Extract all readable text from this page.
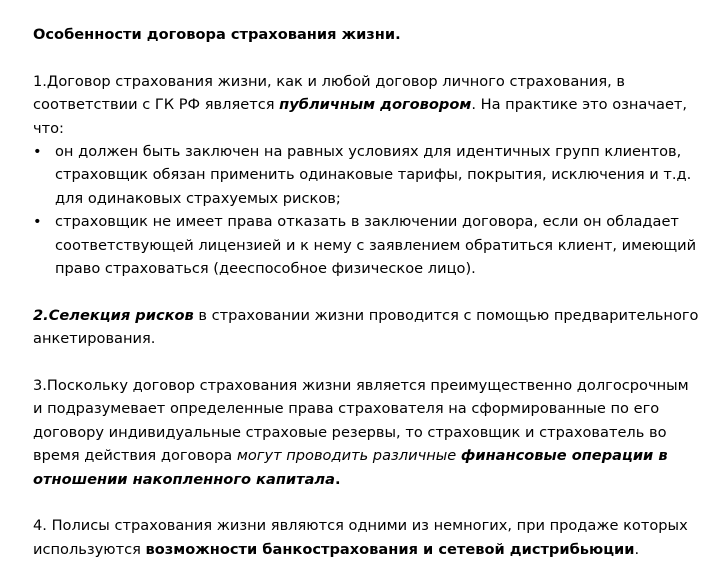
Особенности договора страхования жизни.

1.Договор страхования жизни, как и любой договор личного страхования, в соответствии с ГК РФ является публичным договором. На практике это означает, что:

• он должен быть заключен на равных условиях для идентичных групп клиентов, страховщик обязан применить одинаковые тарифы, покрытия, исключения и т.д. для одинаковых страхуемых рисков;
• страховщик не имеет права отказать в заключении договора, если он обладает соответствующей лицензией и к нему с заявлением обратиться клиент, имеющий право страховаться (дееспособное физическое лицо).

2.Селекция рисков в страховании жизни проводится с помощью предварительного анкетирования.

3.Поскольку договор страхования жизни является преимущественно долгосрочным и подразумевает определенные права страхователя на сформированные по его договору индивидуальные страховые резервы, то страховщик и страхователь во время действия договора могут проводить различные финансовые операции в отношении накопленного капитала.

4. Полисы страхования жизни являются одними из немногих, при продаже которых используются возможности банкострахования и сетевой дистрибьюции.
